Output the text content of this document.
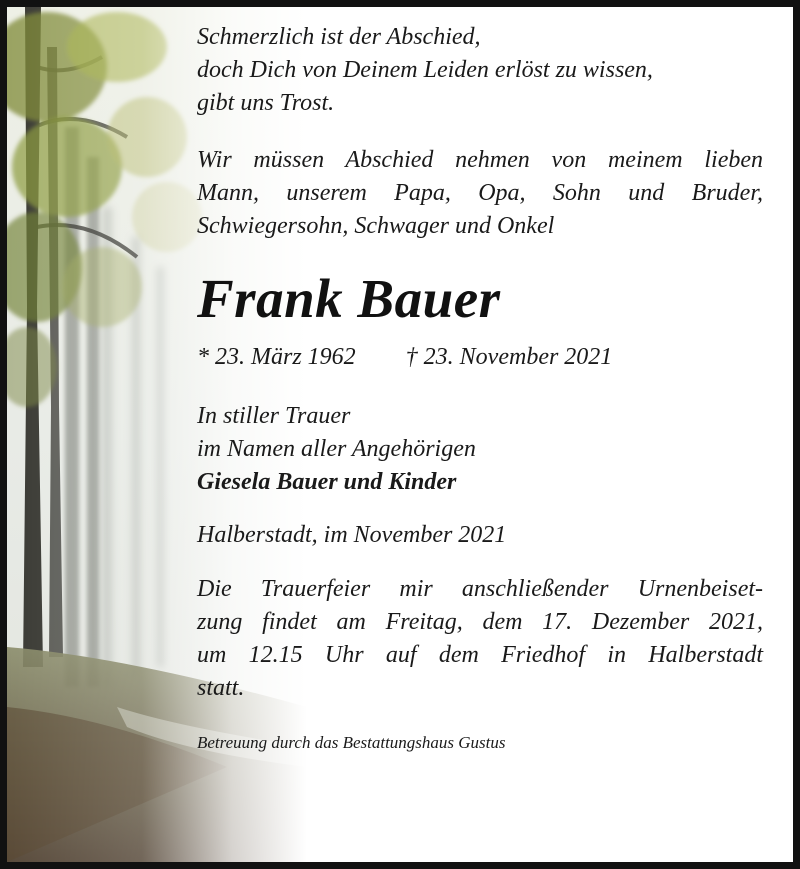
Schmerzlich ist der Abschied,
doch Dich von Deinem Leiden erlöst zu wissen,
gibt uns Trost.
Wir müssen Abschied nehmen von meinem lieben
Mann, unserem Papa, Opa, Sohn und Bruder,
Schwiegersohn, Schwager und Onkel
Frank Bauer
* 23. März 1962 † 23. November 2021
In stiller Trauer
im Namen aller Angehörigen
Giesela Bauer und Kinder
Halberstadt, im November 2021
Die Trauerfeier mir anschließender Urnenbeiset-
zung findet am Freitag, dem 17. Dezember 2021,
um 12.15 Uhr auf dem Friedhof in Halberstadt
statt.
Betreuung durch das Bestattungshaus Gustus
